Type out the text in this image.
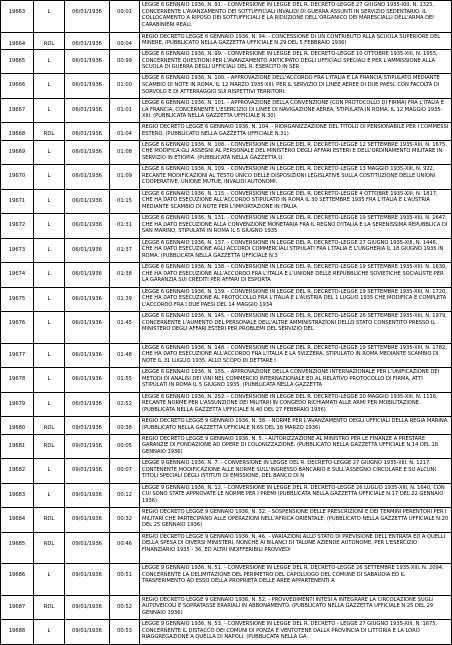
19663	L	06/01/1936	00:01	LEGGE 6 GENNAIO 1936, N. 91. - CONVERSIONE IN LEGGE DEL R. DECRETO-LEGGE 27 GIUGNO 1935-XIII, N. 1325, CONCERNENTE L'AVANZAMENTO DEI SOTTUFFICIALI INVALIDI DI GUERRA ASSUNTI IN SERVIZIO SEDENTARIO, IL COLLOCAMENTO A RIPOSO DEI SOTTUFFICIALI E LA RIDUZIONE DELL'ORGANICO DEI MARESCIALLI DELL'ARMA DEI CARABINIERI REALI.
19664	RDL	06/01/1936	00:04	REGIO DECRETO LEGGE 6 GENNAIO 1936, N. 94. - CONCESSIONE DI UN CONTRIBUTO ALLA SCUOLA SUPERIORE DEL MINERE. (PUBBLICATO NELLA GAZZETTA UFFICIALE N.29 DEL 5 FEBBRAIO 1936)
19665	L	06/01/1936	00:99	LEGGE 6 GENNAIO 1936, N. 99. - CONVERSIONE IN LEGGE DEL R. DECRETO-LEGGE 10 OTTOBRE 1935-XIII, N. 1955, CONCERNENTE QUESTIONI PER L'AVANZAMENTO ANTICIPATO DEGLI UFFICIALI SPECIALI E PER L'AMMISSIONE ALLA SCUOLA DI GUERRA DEGLI UFFICIALI DEL R. ESERCITO IN SER
19666	L	06/01/1936	01:00	LEGGE 6 GENNAIO 1936, N. 100. - APPROVAZIONE DELL'ACCORDO FRA L'ITALIA E LA FRANCIA STIPULATO MEDIANTE SCAMBIO DI NOTE IN ROMA, IL 12 MARZO 1935-XIII, PER IL SERVIZIO DI LINEE AEREE DI DUE PAESI, CON FACOLTÀ DI SORVOLO E DI ATTERRAGGIO SUI RISPETTIVI TERRITORI.
19667	L	06/01/1936	01:01	LEGGE 6 GENNAIO 1936, N. 101. - APPROVAZIONE DELLA CONVENZIONE (CON PROTOCOLLO DI FIRMA) FRA L'ITALIA E LA FRANCIA, CONCERNENTE L'ESERCIZIO DI LINEE DI NAVIGAZIONE AEREA, STIPULATA IN ROMA, IL 12 MAGGIO 1935-XIII. (PUBBLICATA NELLA GAZZETTA UFFICIALE N.30)
19668	RDL	06/01/1936	01:04	REGIO DECRETO LEGGE 6 GENNAIO 1936, N. 104. - RIORGANIZZAZIONE DEL TITOLO DI PENSIONABILE PER I COMMESSI ESTERO. (PUBBLICATO NELLA GAZZETTA UFFICIALE N.31)
19669	L	06/01/1936	01:08	LEGGE 6 GENNAIO 1936, N. 108. - CONVERSIONE IN LEGGE DEL R. DECRETO-LEGGE 12 SETTEMBRE 1935-XIII, N. 1675, CHE MODIFICA GLI ASSEGNI AL PERSONALE DEL MINISTERO DEGLI AFFARI ESTERI E DELL'ORDINAMENTO MILITARE IN SERVIZIO IN ETIOPIA. (PUBBLICATA NELLA GAZZETTA U
19670	L	06/01/1936	01:09	LEGGE 6 GENNAIO 1936, N. 109. - CONVERSIONE IN LEGGE DEL R. DECRETO-LEGGE 13 MAGGIO 1935-XIII, N. 922, RECANTE MODIFICAZIONI AL TESTO UNICO DELLE DISPOSIZIONI LEGISLATIVE SULLA COSTITUZIONE DELLE UNIONI COOPERATIVE, UNIONE MUTUE, INVALIDI AUTONOMI.
19671	L	06/01/1936	01:15	LEGGE 6 GENNAIO 1936, N. 115. - CONVERSIONE IN LEGGE DEL R. DECRETO-LEGGE 4 OTTOBRE 1935-XIII, N. 1817, CHE HA DATO ESECUZIONE ALL'ACCORDO STIPULATO IN ROMA IL 30 SETTEMBRE 1935 FRA L'ITALIA E L'AUSTRIA MEDIANTE SCAMBIO DI NOTE PER L'IMPORTAZIONE IN ITALIA
19672	L	06/01/1936	01:31	LEGGE 6 GENNAIO 1936, N. 131. - CONVERSIONE IN LEGGE DEL R. DECRETO-LEGGE 19 SETTEMBRE 1935-XIII, N. 1647, CHE HA DATO ESECUZIONE ALLA CONVENZIONE MONETARIA FRA IL REGNO D'ITALIA E LA SERENISSIMA REPUBBLICA DI SAN MARINO, STIPULATA IN ROMA IL 5 GIUGNO 1935
19673	L	06/01/1936	01:37	LEGGE 6 GENNAIO 1936, N. 137. - CONVERSIONE IN LEGGE DEL R. DECRETO-LEGGE 27 GIUGNO 1935-XIII, N. 1446, CHE HA DATO ESECUZIONE AGLI ACCORDI COMMERCIALI STIPULATI FRA L'ITALIA E L'UNGHERIA IL 18 GIUGNO 1935 IN ROMA. (PUBBLICATA NELLA GAZZETTA UFFICIALE N.3
19674	L	06/01/1936	01:38	LEGGE 6 GENNAIO 1936, N. 138. - CONVERSIONE IN LEGGE DEL R. DECRETO-LEGGE 19 SETTEMBRE 1935-XIII, N. 1630, CHE HA DATO ESECUZIONE ALL'ACCORDO FRA L'ITALIA E L'UNIONE DELLE REPUBBLICHE SOVIETICHE SOCIALISTE PER LA GARANZIA SUI CREDITI PER AFFARI DI ESPORTA
19675	L	06/01/1936	01:39	LEGGE 6 GENNAIO 1936, N. 139. - CONVERSIONE IN LEGGE DEL R. DECRETO-LEGGE 19 SETTEMBRE 1935-XIII, N. 1720, CHE HA DATO ESECUZIONE AL PROTOCOLLO FRA L'ITALIA E L'AUSTRIA DEL 1 LUGLIO 1935 CHE MODIFICA E COMPLETA L'ACCORDO FRA I DUE PAESI DEL 14 MAGGIO 1934
19676	L	06/01/1936	01:45	LEGGE 6 GENNAIO 1936, N. 145. - CONVERSIONE IN LEGGE DEL R. DECRETO-LEGGE 26 SETTEMBRE 1935-XIII, N. 1979, CONCERNENTE L'AUMENTO DEL PERSONALE DELL'ALTRE AMMINISTRAZIONI DELLO STATO CONSENTITO PRESSO IL MINISTERO DEGLI AFFARI ESTERI PER PROBLEMI DEL SERVIZIO DEL
19677	L	06/01/1936	01:48	LEGGE 6 GENNAIO 1936, N. 148. - CONVERSIONE IN LEGGE DEL R. DECRETO-LEGGE 19 SETTEMBRE 1935-XIII, N. 1782, CHE HA DATO ESECUZIONE ALL'ACCORDO FRA L'ITALIA E LA SVIZZERA, STIPULATO IN ROMA MEDIANTE SCAMBIO DI NOTE IL 31 LUGLIO 1935, ALLO SCOPO DI DETTARE I
19678	L	06/01/1936	01:55	LEGGE 6 GENNAIO 1936, N. 155. - APPROVAZIONE DELLA CONVENZIONE INTERNAZIONALE PER L'UNIFICAZIONE DEI METODI DI ANALISI DEI VINI NEL COMMERCIO INTERNAZIONALE ED AL RELATIVO PROTOCOLLO DI FIRMA, ATTI STIPULATI IN ROMA IL 5 GIUGNO 1935. (PUBBLICATA NELLA GAZZETTA
19679	L	06/01/1936	02:52	LEGGE 6 GENNAIO 1936, N. 252. - CONVERSIONE IN LEGGE DEL R. DECRETO-LEGGE 20 MAGGIO 1935-XIII, N. 1116, RECANTE NORME PER L'ASSUNZIONE DEI MILITARI IN CONGEDO RICHIAMATI ALLE ARMI PER MOBILITAZIONE. (PUBBLICATA NELLA GAZZETTA UFFICIALE N.40 DEL 27 FEBBRAIO 1936)
19680	RDL	09/01/1936	00:38	REGIO DECRETO LEGGE 9 GENNAIO 1936, N. 38. - NORME PER L'AVANZAMENTO DEGLI UFFICIALI DELLA REGIA MARINA. (PUBBLICATO NELLA GAZZETTA UFFICIALE N.65 DEL 18 MARZO 1936)
19681	RDL	09/01/1936	00:05	REGIO DECRETO LEGGE 9 GENNAIO 1936, N. 5. - AUTORIZZAZIONE AL MINISTRO PER LE FINANZE A PRESTARE GARANZIE DI FONDAZIONE AD OPERE DI COLONIZZAZIONE. (PUBBLICATO NELLA GAZZETTA UFFICIALE N.14 DEL 18 GENNAIO 1936)
19682	L	09/01/1936	00:07	LEGGE 9 GENNAIO 1936, N. 7. - CONVERSIONE IN LEGGE DEL R. DECRETO-LEGGE 27 GIUGNO 1935-XIII, N. 1217, CONTENENTE MODIFICAZIONE ALLE NORME SULL'INGRESSO BANCARIO E SULL'ASSEGNO CIRCOLARE E SU ALCUNI TITOLI SPECIALI DEGLI ISTITUTI DI EMISSIONE, DEL BANCO DI N
19683	L	09/01/1936	00:12	LEGGE 9 GENNAIO 1936, N. 12. - CONVERSIONE IN LEGGE DEL R. DECRETO-LEGGE 26 LUGLIO 1935-XIII, N. 1640, CON CUI SONO STATE APPROVATE LE NORME PER I PREMI (PUBBLICATA NELLA GAZZETTA UFFICIALE N.17 DEL 22 GENNAIO 1936)
19684	RDL	09/01/1936	00:32	REGIO DECRETO LEGGE 9 GENNAIO 1936, N. 32. - SOSPENSIONE DELLE PRESCRIZIONI E DEI TERMINI PERENTORI PER I MILITARI CHE PARTECIPANO ALLE OPERAZIONI NELL'AFRICA ORIENTALE. (PUBBLICATO NELLA GAZZETTA UFFICIALE N.20 DEL 25 GENNAIO 1936)
19685	RDL	09/01/1936	00:46	REGIO DECRETO LEGGE 9 GENNAIO 1936, N. 46. - VARIAZIONI ALLO STATO DI PREVISIONE DELL'ENTRATA ED A QUELLI DELLA SPESA DI DIVERSI MINISTERI, NONCHÉ AI BILANCI DI TALUNE AZIENDE AUTONOME, PER L'ESERCIZIO FINANZIARIO 1935 - 36, ED ALTRI INDIFFERIBILI PROVVEDI
19686	L	09/01/1936	00:51	LEGGE 9 GENNAIO 1936, N. 51. - CONVERSIONE IN LEGGE DEL R. DECRETO-LEGGE 26 SETTEMBRE 1935-XIII, N. 2094, CONCERNENTE LA DELIMITAZIONE DEL PERIMETRO DEL CAPOLUOGO DEL COMUNE DI SABAUDIA ED IL TRASFERIMENTO AD ESSO DELLA PROPRIETÀ DELLE AREE APPARTENENTI A
19687	RDL	09/01/1936	00:52	REGIO DECRETO LEGGE 9 GENNAIO 1936, N. 52. - PROVVEDIMENTI INTESI A INTEGRARE LA CIRCOLAZIONE SUGLI AUTOVEICOLI E SOPRATASSE ERARIALI IN ABBONAMENTO. (PUBBLICATO NELLA GAZZETTA UFFICIALE N.25 DEL 29 GENNAIO 1936)
19688	L	09/01/1936	00:53	LEGGE 9 GENNAIO 1936, N. 53. - CONVERSIONE IN LEGGE DEL R. DECRETO - LEGGE 27 GIUGNO 1935-XIII, N. 1675, CONCERNENTE IL DISTACCO DEI COMUNI DI PONZA E VENTOTENE DALLA PROVINCIA DI LITTORIA E LA LORO RIAGGREGAZIONE A QUELLA DI NAPOLI. (PUBBLICATA NELLA GA
